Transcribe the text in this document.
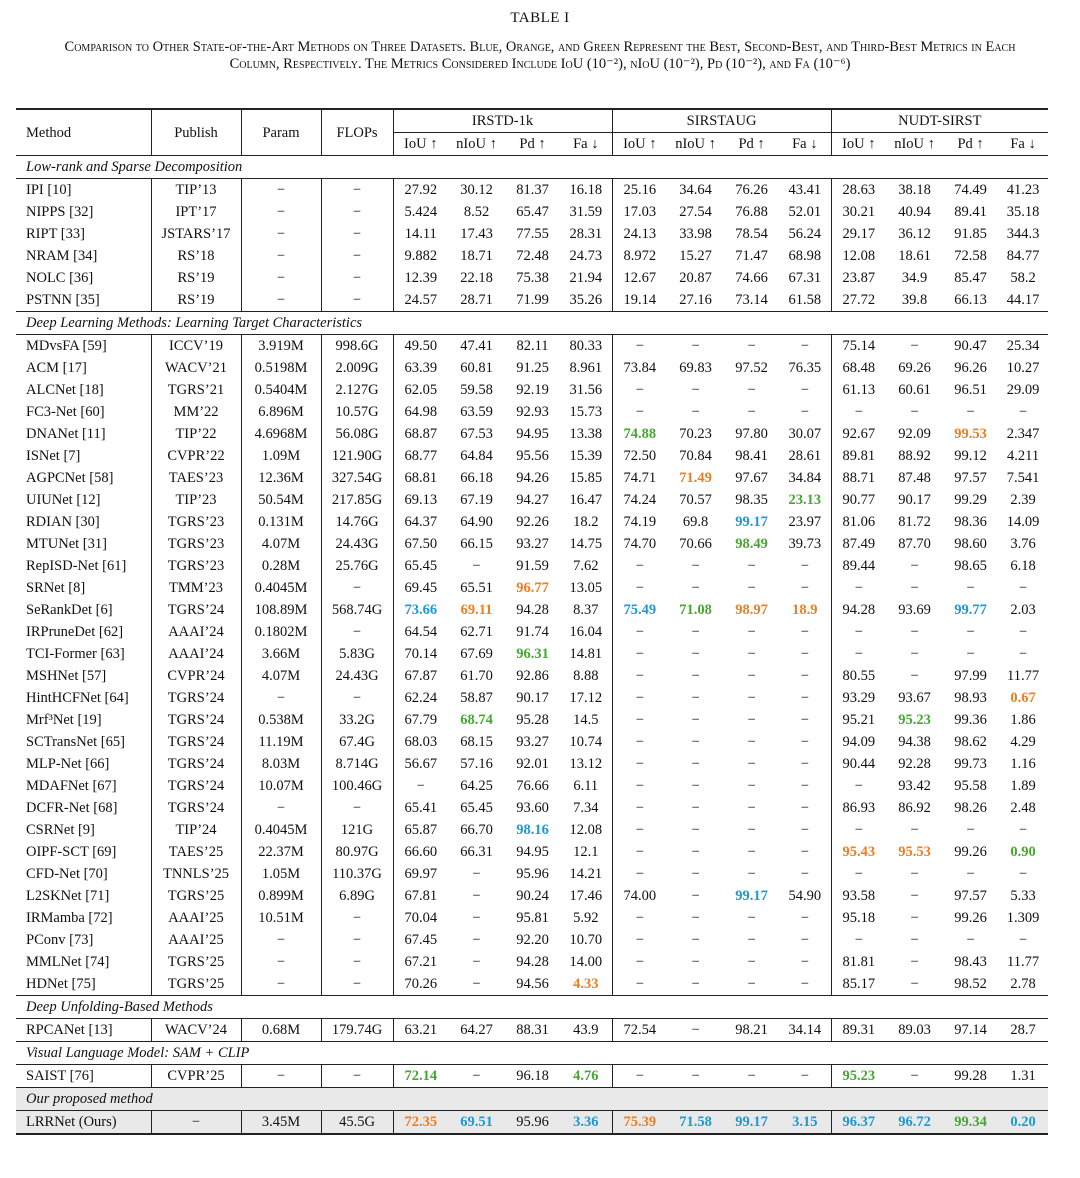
TABLE I
Comparison to Other State-of-the-Art Methods on Three Datasets. Blue, Orange, and Green Represent the Best, Second-Best, and Third-Best Metrics in Each Column, Respectively. The Metrics Considered Include IoU (10⁻²), nIoU (10⁻²), Pd (10⁻²), and Fa (10⁻⁶)
Method	Publish	Param	FLOPs	IRSTD-1k				SIRSTAUG				NUDT-SIRST			
				IoU ↑	nIoU ↑	Pd ↑	Fa ↓	IoU ↑	nIoU ↑	Pd ↑	Fa ↓	IoU ↑	nIoU ↑	Pd ↑	Fa ↓
Low-rank and Sparse Decomposition															
IPI [10]	TIP’13	−	−	27.92	30.12	81.37	16.18	25.16	34.64	76.26	43.41	28.63	38.18	74.49	41.23
NIPPS [32]	IPT’17	−	−	5.424	8.52	65.47	31.59	17.03	27.54	76.88	52.01	30.21	40.94	89.41	35.18
RIPT [33]	JSTARS’17	−	−	14.11	17.43	77.55	28.31	24.13	33.98	78.54	56.24	29.17	36.12	91.85	344.3
NRAM [34]	RS’18	−	−	9.882	18.71	72.48	24.73	8.972	15.27	71.47	68.98	12.08	18.61	72.58	84.77
NOLC [36]	RS’19	−	−	12.39	22.18	75.38	21.94	12.67	20.87	74.66	67.31	23.87	34.9	85.47	58.2
PSTNN [35]	RS’19	−	−	24.57	28.71	71.99	35.26	19.14	27.16	73.14	61.58	27.72	39.8	66.13	44.17
Deep Learning Methods: Learning Target Characteristics															
MDvsFA [59]	ICCV’19	3.919M	998.6G	49.50	47.41	82.11	80.33	−	−	−	−	75.14	−	90.47	25.34
ACM [17]	WACV’21	0.5198M	2.009G	63.39	60.81	91.25	8.961	73.84	69.83	97.52	76.35	68.48	69.26	96.26	10.27
ALCNet [18]	TGRS’21	0.5404M	2.127G	62.05	59.58	92.19	31.56	−	−	−	−	61.13	60.61	96.51	29.09
FC3-Net [60]	MM’22	6.896M	10.57G	64.98	63.59	92.93	15.73	−	−	−	−	−	−	−	−
DNANet [11]	TIP’22	4.6968M	56.08G	68.87	67.53	94.95	13.38	74.88	70.23	97.80	30.07	92.67	92.09	99.53	2.347
ISNet [7]	CVPR’22	1.09M	121.90G	68.77	64.84	95.56	15.39	72.50	70.84	98.41	28.61	89.81	88.92	99.12	4.211
AGPCNet [58]	TAES’23	12.36M	327.54G	68.81	66.18	94.26	15.85	74.71	71.49	97.67	34.84	88.71	87.48	97.57	7.541
UIUNet [12]	TIP’23	50.54M	217.85G	69.13	67.19	94.27	16.47	74.24	70.57	98.35	23.13	90.77	90.17	99.29	2.39
RDIAN [30]	TGRS’23	0.131M	14.76G	64.37	64.90	92.26	18.2	74.19	69.8	99.17	23.97	81.06	81.72	98.36	14.09
MTUNet [31]	TGRS’23	4.07M	24.43G	67.50	66.15	93.27	14.75	74.70	70.66	98.49	39.73	87.49	87.70	98.60	3.76
RepISD-Net [61]	TGRS’23	0.28M	25.76G	65.45	−	91.59	7.62	−	−	−	−	89.44	−	98.65	6.18
SRNet [8]	TMM’23	0.4045M	−	69.45	65.51	96.77	13.05	−	−	−	−	−	−	−	−
SeRankDet [6]	TGRS’24	108.89M	568.74G	73.66	69.11	94.28	8.37	75.49	71.08	98.97	18.9	94.28	93.69	99.77	2.03
IRPruneDet [62]	AAAI’24	0.1802M	−	64.54	62.71	91.74	16.04	−	−	−	−	−	−	−	−
TCI-Former [63]	AAAI’24	3.66M	5.83G	70.14	67.69	96.31	14.81	−	−	−	−	−	−	−	−
MSHNet [57]	CVPR’24	4.07M	24.43G	67.87	61.70	92.86	8.88	−	−	−	−	80.55	−	97.99	11.77
HintHCFNet [64]	TGRS’24	−	−	62.24	58.87	90.17	17.12	−	−	−	−	93.29	93.67	98.93	0.67
Mrf³Net [19]	TGRS’24	0.538M	33.2G	67.79	68.74	95.28	14.5	−	−	−	−	95.21	95.23	99.36	1.86
SCTransNet [65]	TGRS’24	11.19M	67.4G	68.03	68.15	93.27	10.74	−	−	−	−	94.09	94.38	98.62	4.29
MLP-Net [66]	TGRS’24	8.03M	8.714G	56.67	57.16	92.01	13.12	−	−	−	−	90.44	92.28	99.73	1.16
MDAFNet [67]	TGRS’24	10.07M	100.46G	−	64.25	76.66	6.11	−	−	−	−	−	93.42	95.58	1.89
DCFR-Net [68]	TGRS’24	−	−	65.41	65.45	93.60	7.34	−	−	−	−	86.93	86.92	98.26	2.48
CSRNet [9]	TIP’24	0.4045M	121G	65.87	66.70	98.16	12.08	−	−	−	−	−	−	−	−
OIPF-SCT [69]	TAES’25	22.37M	80.97G	66.60	66.31	94.95	12.1	−	−	−	−	95.43	95.53	99.26	0.90
CFD-Net [70]	TNNLS’25	1.05M	110.37G	69.97	−	95.96	14.21	−	−	−	−	−	−	−	−
L2SKNet [71]	TGRS’25	0.899M	6.89G	67.81	−	90.24	17.46	74.00	−	99.17	54.90	93.58	−	97.57	5.33
IRMamba [72]	AAAI’25	10.51M	−	70.04	−	95.81	5.92	−	−	−	−	95.18	−	99.26	1.309
PConv [73]	AAAI’25	−	−	67.45	−	92.20	10.70	−	−	−	−	−	−	−	−
MMLNet [74]	TGRS’25	−	−	67.21	−	94.28	14.00	−	−	−	−	81.81	−	98.43	11.77
HDNet [75]	TGRS’25	−	−	70.26	−	94.56	4.33	−	−	−	−	85.17	−	98.52	2.78
Deep Unfolding-Based Methods															
RPCANet [13]	WACV’24	0.68M	179.74G	63.21	64.27	88.31	43.9	72.54	−	98.21	34.14	89.31	89.03	97.14	28.7
Visual Language Model: SAM + CLIP															
SAIST [76]	CVPR’25	−	−	72.14	−	96.18	4.76	−	−	−	−	95.23	−	99.28	1.31
Our proposed method															
LRRNet (Ours)	−	3.45M	45.5G	72.35	69.51	95.96	3.36	75.39	71.58	99.17	3.15	96.37	96.72	99.34	0.20
